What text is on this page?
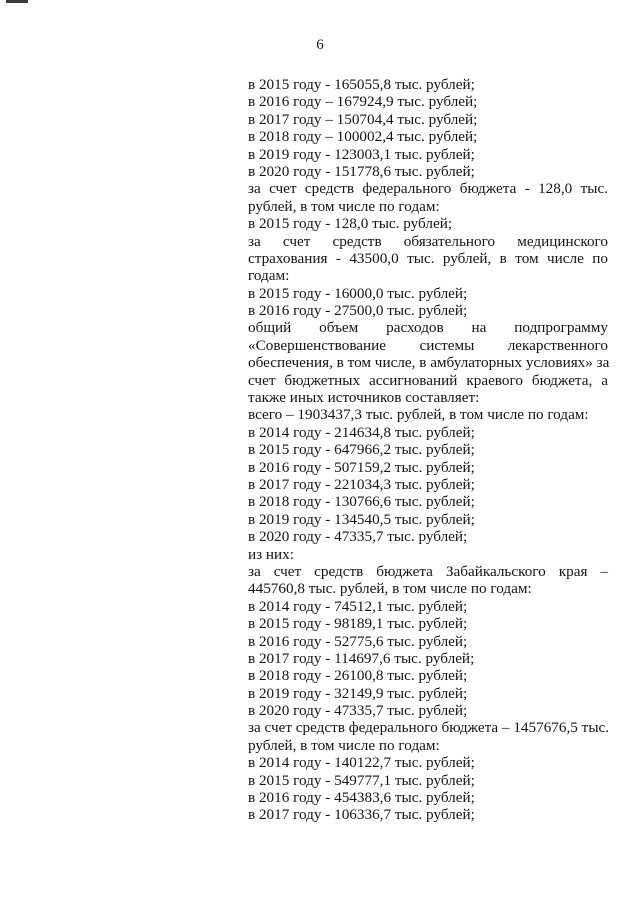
6
в 2015 году - 165055,8 тыс. рублей;
в 2016 году – 167924,9 тыс. рублей;
в 2017 году – 150704,4 тыс. рублей;
в 2018 году – 100002,4 тыс. рублей;
в 2019 году - 123003,1 тыс. рублей;
в 2020 году - 151778,6 тыс. рублей;
за счет средств федерального бюджета - 128,0 тыс.
рублей, в том числе по годам:
в 2015 году - 128,0 тыс. рублей;
за счет средств обязательного медицинского
страхования - 43500,0 тыс. рублей, в том числе по
годам:
в 2015 году - 16000,0 тыс. рублей;
в 2016 году - 27500,0 тыс. рублей;
общий объем расходов на подпрограмму
«Совершенствование системы лекарственного
обеспечения, в том числе, в амбулаторных условиях» за
счет бюджетных ассигнований краевого бюджета, а
также иных источников составляет:
всего – 1903437,3 тыс. рублей, в том числе по годам:
в 2014 году - 214634,8 тыс. рублей;
в 2015 году - 647966,2 тыс. рублей;
в 2016 году - 507159,2 тыс. рублей;
в 2017 году - 221034,3 тыс. рублей;
в 2018 году - 130766,6 тыс. рублей;
в 2019 году - 134540,5 тыс. рублей;
в 2020 году - 47335,7 тыс. рублей;
из них:
за счет средств бюджета Забайкальского края –
445760,8 тыс. рублей, в том числе по годам:
в 2014 году - 74512,1 тыс. рублей;
в 2015 году - 98189,1 тыс. рублей;
в 2016 году - 52775,6 тыс. рублей;
в 2017 году - 114697,6 тыс. рублей;
в 2018 году - 26100,8 тыс. рублей;
в 2019 году - 32149,9 тыс. рублей;
в 2020 году - 47335,7 тыс. рублей;
за счет средств федерального бюджета – 1457676,5 тыс.
рублей, в том числе по годам:
в 2014 году - 140122,7 тыс. рублей;
в 2015 году - 549777,1 тыс. рублей;
в 2016 году - 454383,6 тыс. рублей;
в 2017 году - 106336,7 тыс. рублей;
